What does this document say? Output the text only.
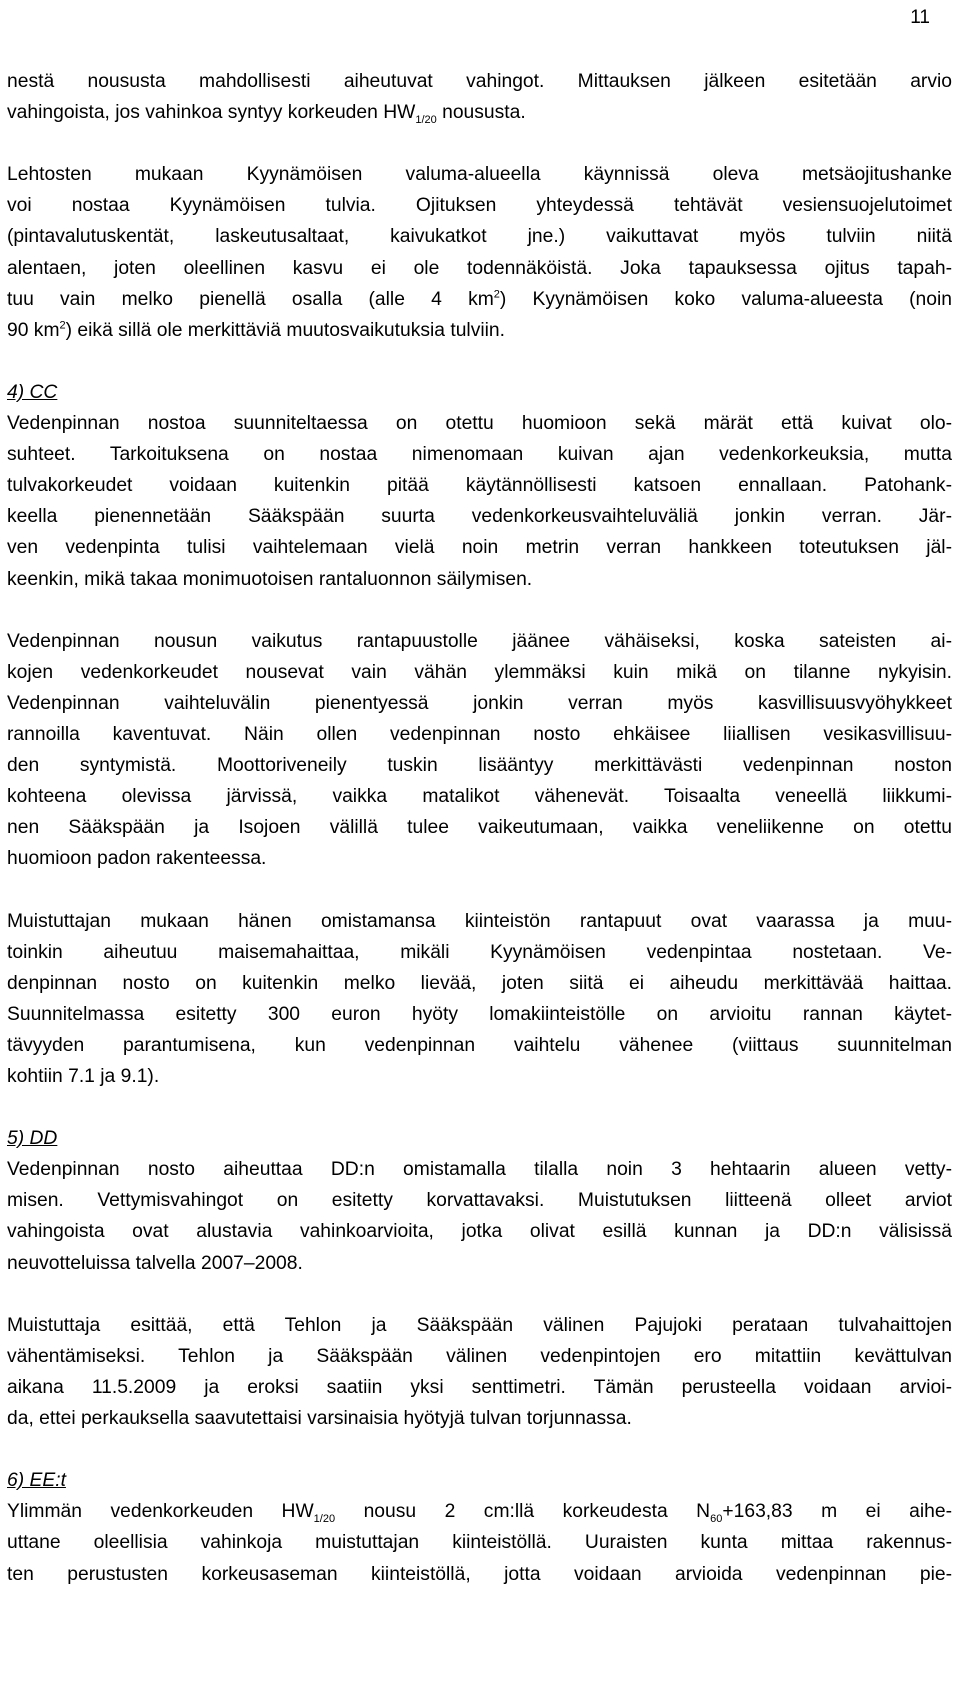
11
nestä noususta mahdollisesti aiheutuvat vahingot. Mittauksen jälkeen esitetään arvio
vahingoista, jos vahinkoa syntyy korkeuden $HW_{1/20}$ noususta.
Lehtosten mukaan Kyynämöisen valuma-alueella käynnissä oleva metsäojitushanke
voi nostaa Kyynämöisen tulvia. Ojituksen yhteydessä tehtävät vesiensuojelutoimet
(pintavalutuskentät, laskeutusaltaat, kaivukatkot jne.) vaikuttavat myös tulviin niitä
alentaen, joten oleellinen kasvu ei ole todennäköistä. Joka tapauksessa ojitus tapah-
tuu vain melko pienellä osalla (alle 4 $km^2$) Kyynämöisen koko valuma-alueesta (noin
90 $km^2$) eikä sillä ole merkittäviä muutosvaikutuksia tulviin.
4) CC
Vedenpinnan nostoa suunniteltaessa on otettu huomioon sekä märät että kuivat olo-
suhteet. Tarkoituksena on nostaa nimenomaan kuivan ajan vedenkorkeuksia, mutta
tulvakorkeudet voidaan kuitenkin pitää käytännöllisesti katsoen ennallaan. Patohank-
keella pienennetään Sääkspään suurta vedenkorkeusvaihteluväliä jonkin verran. Jär-
ven vedenpinta tulisi vaihtelemaan vielä noin metrin verran hankkeen toteutuksen jäl-
keenkin, mikä takaa monimuotoisen rantaluonnon säilymisen.
Vedenpinnan nousun vaikutus rantapuustolle jäänee vähäiseksi, koska sateisten ai-
kojen vedenkorkeudet nousevat vain vähän ylemmäksi kuin mikä on tilanne nykyisin.
Vedenpinnan vaihteluvälin pienentyessä jonkin verran myös kasvillisuusvyöhykkeet
rannoilla kaventuvat. Näin ollen vedenpinnan nosto ehkäisee liiallisen vesikasvillisuu-
den syntymistä. Moottoriveneily tuskin lisääntyy merkittävästi vedenpinnan noston
kohteena olevissa järvissä, vaikka matalikot vähenevät. Toisaalta veneellä liikkumi-
nen Sääkspään ja Isojoen välillä tulee vaikeutumaan, vaikka veneliikenne on otettu
huomioon padon rakenteessa.
Muistuttajan mukaan hänen omistamansa kiinteistön rantapuut ovat vaarassa ja muu-
toinkin aiheutuu maisemahaittaa, mikäli Kyynämöisen vedenpintaa nostetaan. Ve-
denpinnan nosto on kuitenkin melko lievää, joten siitä ei aiheudu merkittävää haittaa.
Suunnitelmassa esitetty 300 euron hyöty lomakiinteistölle on arvioitu rannan käytet-
tävyyden parantumisena, kun vedenpinnan vaihtelu vähenee (viittaus suunnitelman
kohtiin 7.1 ja 9.1).
5) DD
Vedenpinnan nosto aiheuttaa DD:n omistamalla tilalla noin 3 hehtaarin alueen vetty-
misen. Vettymisvahingot on esitetty korvattavaksi. Muistutuksen liitteenä olleet arviot
vahingoista ovat alustavia vahinkoarvioita, jotka olivat esillä kunnan ja DD:n välisissä
neuvotteluissa talvella 2007–2008.
Muistuttaja esittää, että Tehlon ja Sääkspään välinen Pajujoki perataan tulvahaittojen
vähentämiseksi. Tehlon ja Sääkspään välinen vedenpintojen ero mitattiin kevättulvan
aikana 11.5.2009 ja eroksi saatiin yksi senttimetri. Tämän perusteella voidaan arvioi-
da, ettei perkauksella saavutettaisi varsinaisia hyötyjä tulvan torjunnassa.
6) EE:t
Ylimmän vedenkorkeuden $HW_{1/20}$ nousu 2 cm:llä korkeudesta $N_{60}+163,83$ m ei aihe-
uttane oleellisia vahinkoja muistuttajan kiinteistöllä. Uuraisten kunta mittaa rakennus-
ten perustusten korkeusaseman kiinteistöllä, jotta voidaan arvioida vedenpinnan pie-
